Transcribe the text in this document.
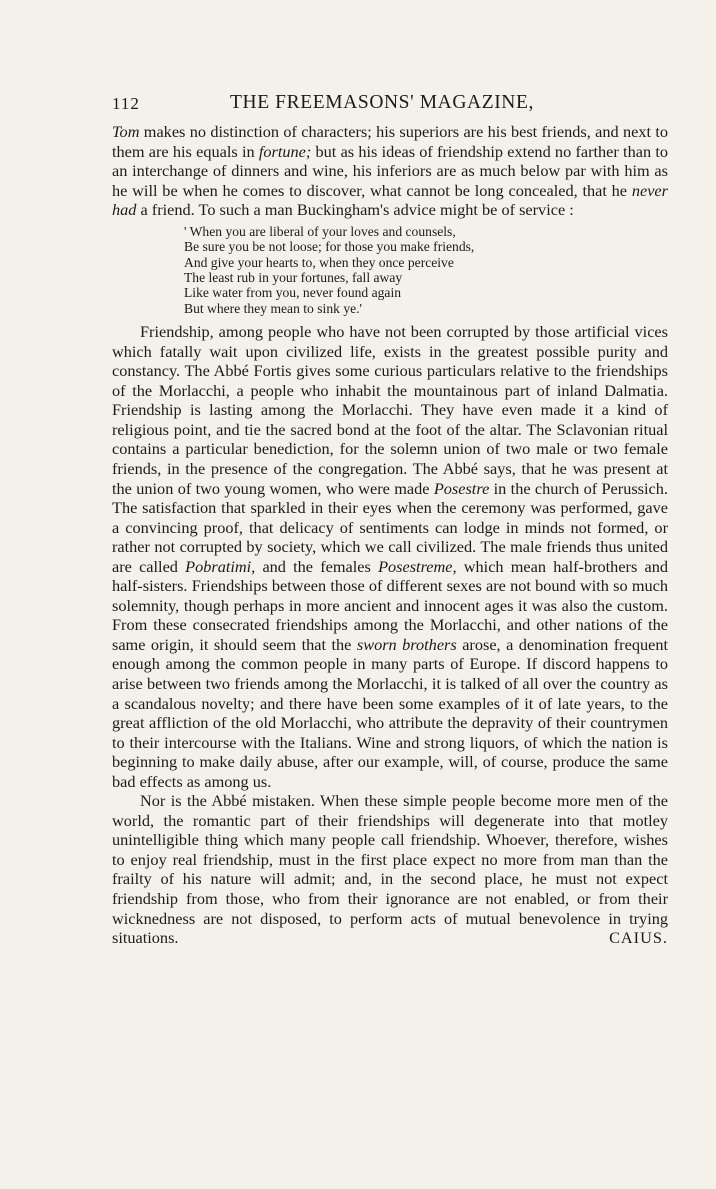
112	THE FREEMASONS' MAGAZINE,

Tom makes no distinction of characters; his superiors are his best friends, and next to them are his equals in fortune; but as his ideas of friendship extend no farther than to an interchange of dinners and wine, his inferiors are as much below par with him as he will be when he comes to discover, what cannot be long concealed, that he never had a friend. To such a man Buckingham's advice might be of service :

' When you are liberal of your loves and counsels,
Be sure you be not loose; for those you make friends,
And give your hearts to, when they once perceive
The least rub in your fortunes, fall away
Like water from you, never found again
But where they mean to sink ye.'

Friendship, among people who have not been corrupted by those artificial vices which fatally wait upon civilized life, exists in the greatest possible purity and constancy. The Abbé Fortis gives some curious particulars relative to the friendships of the Morlacchi, a people who inhabit the mountainous part of inland Dalmatia. Friendship is lasting among the Morlacchi. They have even made it a kind of religious point, and tie the sacred bond at the foot of the altar. The Sclavonian ritual contains a particular benediction, for the solemn union of two male or two female friends, in the presence of the congregation. The Abbé says, that he was present at the union of two young women, who were made Posestre in the church of Perussich. The satisfaction that sparkled in their eyes when the ceremony was performed, gave a convincing proof, that delicacy of sentiments can lodge in minds not formed, or rather not corrupted by society, which we call civilized. The male friends thus united are called Pobratimi, and the females Posestreme, which mean half-brothers and half-sisters. Friendships between those of different sexes are not bound with so much solemnity, though perhaps in more ancient and innocent ages it was also the custom. From these consecrated friendships among the Morlacchi, and other nations of the same origin, it should seem that the sworn brothers arose, a denomination frequent enough among the common people in many parts of Europe. If discord happens to arise between two friends among the Morlacchi, it is talked of all over the country as a scandalous novelty; and there have been some examples of it of late years, to the great affliction of the old Morlacchi, who attribute the depravity of their countrymen to their intercourse with the Italians. Wine and strong liquors, of which the nation is beginning to make daily abuse, after our example, will, of course, produce the same bad effects as among us.

Nor is the Abbé mistaken. When these simple people become more men of the world, the romantic part of their friendships will degenerate into that motley unintelligible thing which many people call friendship. Whoever, therefore, wishes to enjoy real friendship, must in the first place expect no more from man than the frailty of his nature will admit; and, in the second place, he must not expect friendship from those, who from their ignorance are not enabled, or from their wicknedness are not disposed, to perform acts of mutual benevolence in trying situations.	CAIUS.
